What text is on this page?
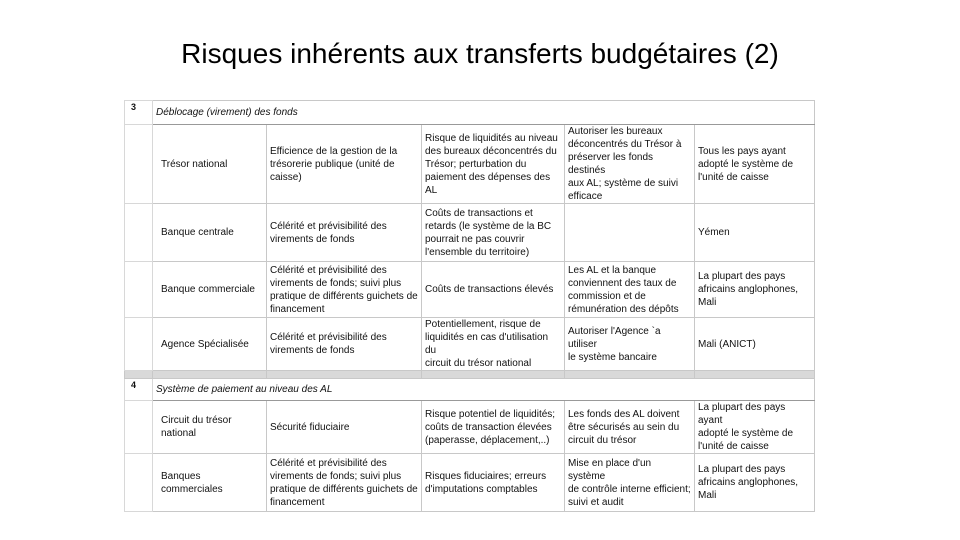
Risques inhérents aux transferts budgétaires (2)
3	Déblocage (virement) des fonds				
	Trésor national	Efficience de la gestion de la
trésorerie publique (unité de
caisse)	Risque de liquidités au niveau
des bureaux déconcentrés du
Trésor; perturbation du
paiement des dépenses des AL	Autoriser les bureaux
déconcentrés du Trésor à
préserver les fonds destinés
aux AL; système de suivi
efficace	Tous les pays ayant
adopté le système de
l'unité de caisse
	Banque centrale	Célérité et prévisibilité des
virements de fonds	Coûts de transactions et
retards (le système de la BC
pourrait ne pas couvrir
l'ensemble du territoire)		Yémen
	Banque commerciale	Célérité et prévisibilité des
virements de fonds; suivi plus
pratique de différents guichets de
financement	Coûts de transactions élevés	Les AL et la banque
conviennent des taux de
commission et de
rémunération des dépôts	La plupart des pays
africains anglophones,
Mali
	Agence Spécialisée	Célérité et prévisibilité des
virements de fonds	Potentiellement, risque de
liquidités en cas d'utilisation du
circuit du trésor national	Autoriser l'Agence `a utiliser
le système bancaire	Mali (ANICT)

4	Système de paiement au niveau des AL				
	Circuit du trésor
national	Sécurité fiduciaire	Risque potentiel de liquidités;
coûts de transaction élevées
(paperasse, déplacement,..)	Les fonds des AL doivent
être sécurisés au sein du
circuit du trésor	La plupart des pays ayant
adopté le système de
l'unité de caisse
	Banques
commerciales	Célérité et prévisibilité des
virements de fonds; suivi plus
pratique de différents guichets de
financement	Risques fiduciaires; erreurs
d'imputations comptables	Mise en place d'un système
de contrôle interne efficient;
suivi et audit	La plupart des pays
africains anglophones,
Mali
